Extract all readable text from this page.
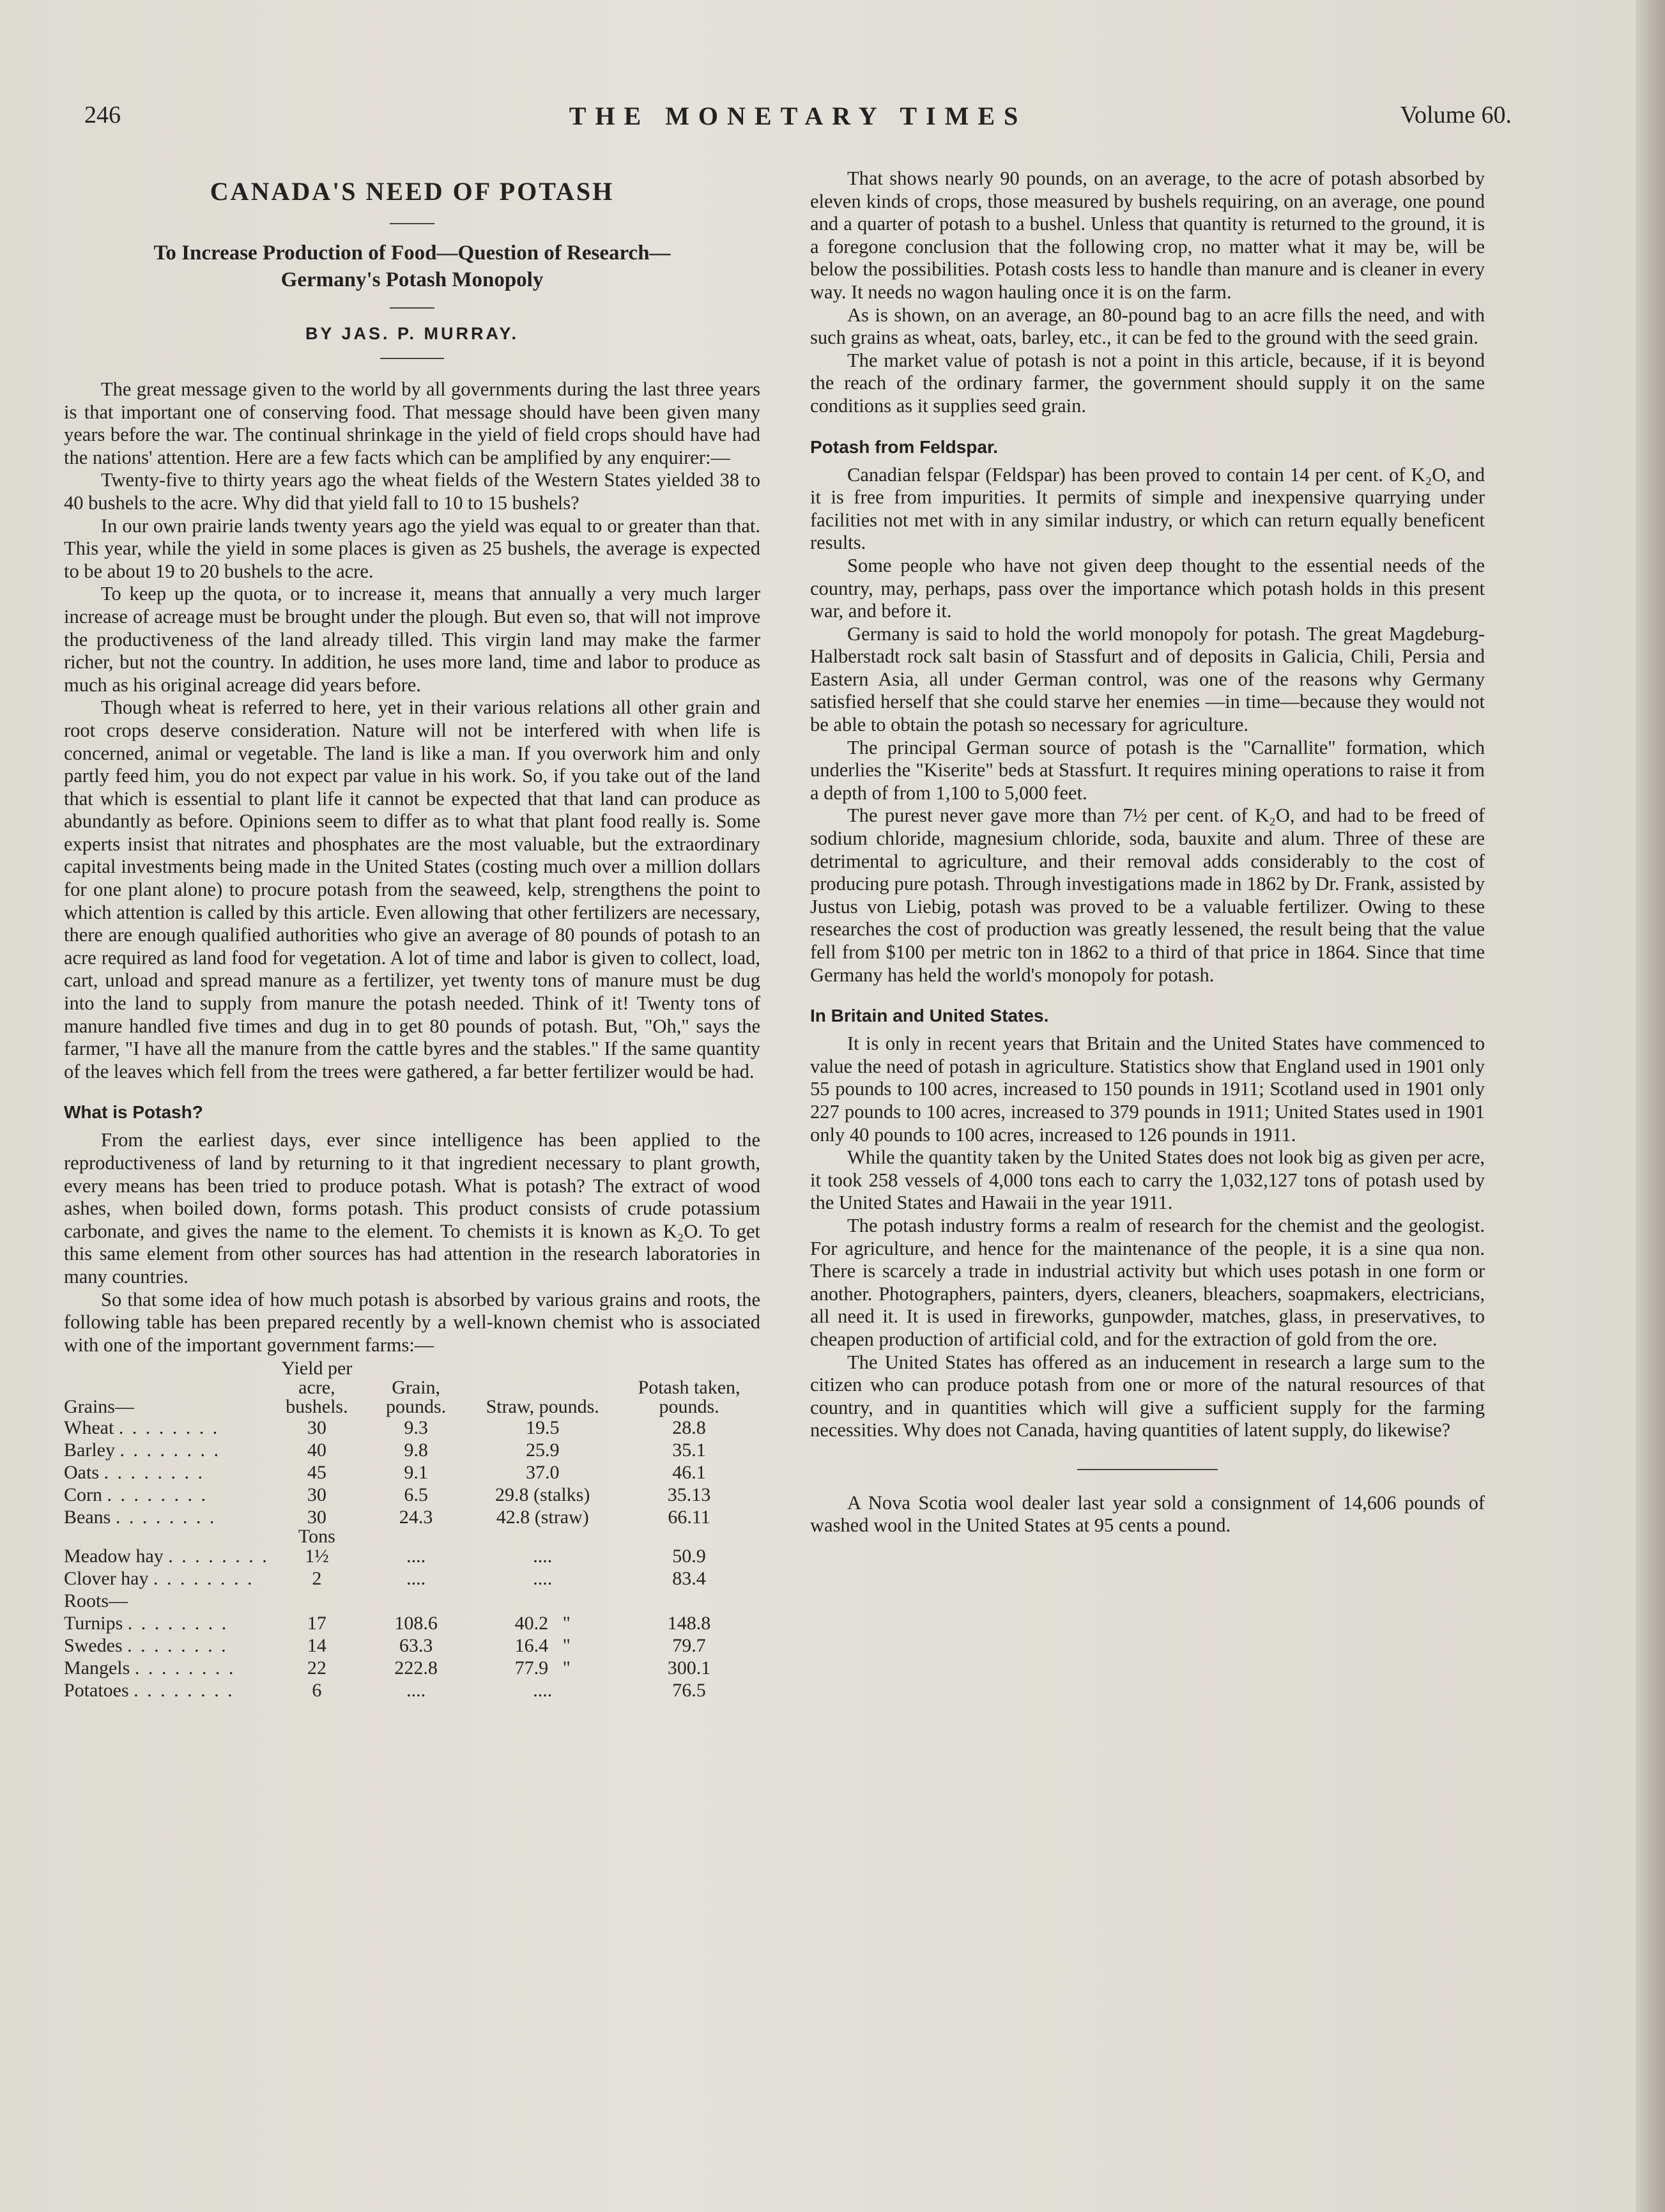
246	THE MONETARY TIMES	Volume 60.
CANADA'S NEED OF POTASH
To Increase Production of Food—Question of Research—
Germany's Potash Monopoly
BY JAS. P. MURRAY.

The great message given to the world by all governments during the last three years is that important one of conserving food. That message should have been given many years before the war. The continual shrinkage in the yield of field crops should have had the nations' attention. Here are a few facts which can be amplified by any enquirer:—

Twenty-five to thirty years ago the wheat fields of the Western States yielded 38 to 40 bushels to the acre. Why did that yield fall to 10 to 15 bushels?

In our own prairie lands twenty years ago the yield was equal to or greater than that. This year, while the yield in some places is given as 25 bushels, the average is expected to be about 19 to 20 bushels to the acre.

To keep up the quota, or to increase it, means that annually a very much larger increase of acreage must be brought under the plough. But even so, that will not improve the productiveness of the land already tilled. This virgin land may make the farmer richer, but not the country. In addition, he uses more land, time and labor to produce as much as his original acreage did years before.

Though wheat is referred to here, yet in their various relations all other grain and root crops deserve consideration. Nature will not be interfered with when life is concerned, animal or vegetable. The land is like a man. If you overwork him and only partly feed him, you do not expect par value in his work. So, if you take out of the land that which is essential to plant life it cannot be expected that that land can produce as abundantly as before. Opinions seem to differ as to what that plant food really is. Some experts insist that nitrates and phosphates are the most valuable, but the extraordinary capital investments being made in the United States (costing much over a million dollars for one plant alone) to procure potash from the seaweed, kelp, strengthens the point to which attention is called by this article. Even allowing that other fertilizers are necessary, there are enough qualified authorities who give an average of 80 pounds of potash to an acre required as land food for vegetation. A lot of time and labor is given to collect, load, cart, unload and spread manure as a fertilizer, yet twenty tons of manure must be dug into the land to supply from manure the potash needed. Think of it! Twenty tons of manure handled five times and dug in to get 80 pounds of potash. But, "Oh," says the farmer, "I have all the manure from the cattle byres and the stables." If the same quantity of the leaves which fell from the trees were gathered, a far better fertilizer would be had.

What is Potash?

From the earliest days, ever since intelligence has been applied to the reproductiveness of land by returning to it that ingredient necessary to plant growth, every means has been tried to produce potash. What is potash? The extract of wood ashes, when boiled down, forms potash. This product consists of crude potassium carbonate, and gives the name to the element. To chemists it is known as K₂O. To get this same element from other sources has had attention in the research laboratories in many countries.

So that some idea of how much potash is absorbed by various grains and roots, the following table has been prepared recently by a well-known chemist who is associated with one of the important government farms:—

Grains—	Yield per acre, bushels.	Grain, pounds.	Straw, pounds.	Potash taken, pounds.
Wheat . . . . . . . .	30	9.3	19.5	28.8
Barley . . . . . . . .	40	9.8	25.9	35.1
Oats . . . . . . . .	45	9.1	37.0	46.1
Corn . . . . . . . .	30	6.5	29.8 (stalks)	35.13
Beans . . . . . . . .	30	24.3	42.8 (straw)	66.11
	Tons			
Meadow hay . . . . . . . .	1½	....	....	50.9
Clover hay . . . . . . . .	2	....	....	83.4
Roots—				
Turnips . . . . . . . .	17	108.6	40.2 "	148.8
Swedes . . . . . . . .	14	63.3	16.4 "	79.7
Mangels . . . . . . . .	22	222.8	77.9 "	300.1
Potatoes . . . . . . . .	6	....	....	76.5

That shows nearly 90 pounds, on an average, to the acre of potash absorbed by eleven kinds of crops, those measured by bushels requiring, on an average, one pound and a quarter of potash to a bushel. Unless that quantity is returned to the ground, it is a foregone conclusion that the following crop, no matter what it may be, will be below the possibilities. Potash costs less to handle than manure and is cleaner in every way. It needs no wagon hauling once it is on the farm.

As is shown, on an average, an 80-pound bag to an acre fills the need, and with such grains as wheat, oats, barley, etc., it can be fed to the ground with the seed grain.

The market value of potash is not a point in this article, because, if it is beyond the reach of the ordinary farmer, the government should supply it on the same conditions as it supplies seed grain.

Potash from Feldspar.

Canadian felspar (Feldspar) has been proved to contain 14 per cent. of K₂O, and it is free from impurities. It permits of simple and inexpensive quarrying under facilities not met with in any similar industry, or which can return equally beneficent results.

Some people who have not given deep thought to the essential needs of the country, may, perhaps, pass over the importance which potash holds in this present war, and before it.

Germany is said to hold the world monopoly for potash. The great Magdeburg-Halberstadt rock salt basin of Stassfurt and of deposits in Galicia, Chili, Persia and Eastern Asia, all under German control, was one of the reasons why Germany satisfied herself that she could starve her enemies —in time—because they would not be able to obtain the potash so necessary for agriculture.

The principal German source of potash is the "Carnallite" formation, which underlies the "Kiserite" beds at Stassfurt. It requires mining operations to raise it from a depth of from 1,100 to 5,000 feet.

The purest never gave more than 7½ per cent. of K₂O, and had to be freed of sodium chloride, magnesium chloride, soda, bauxite and alum. Three of these are detrimental to agriculture, and their removal adds considerably to the cost of producing pure potash. Through investigations made in 1862 by Dr. Frank, assisted by Justus von Liebig, potash was proved to be a valuable fertilizer. Owing to these researches the cost of production was greatly lessened, the result being that the value fell from $100 per metric ton in 1862 to a third of that price in 1864. Since that time Germany has held the world's monopoly for potash.

In Britain and United States.

It is only in recent years that Britain and the United States have commenced to value the need of potash in agriculture. Statistics show that England used in 1901 only 55 pounds to 100 acres, increased to 150 pounds in 1911; Scotland used in 1901 only 227 pounds to 100 acres, increased to 379 pounds in 1911; United States used in 1901 only 40 pounds to 100 acres, increased to 126 pounds in 1911.

While the quantity taken by the United States does not look big as given per acre, it took 258 vessels of 4,000 tons each to carry the 1,032,127 tons of potash used by the United States and Hawaii in the year 1911.

The potash industry forms a realm of research for the chemist and the geologist. For agriculture, and hence for the maintenance of the people, it is a sine qua non. There is scarcely a trade in industrial activity but which uses potash in one form or another. Photographers, painters, dyers, cleaners, bleachers, soapmakers, electricians, all need it. It is used in fireworks, gunpowder, matches, glass, in preservatives, to cheapen production of artificial cold, and for the extraction of gold from the ore.

The United States has offered as an inducement in research a large sum to the citizen who can produce potash from one or more of the natural resources of that country, and in quantities which will give a sufficient supply for the farming necessities. Why does not Canada, having quantities of latent supply, do likewise?

A Nova Scotia wool dealer last year sold a consignment of 14,606 pounds of washed wool in the United States at 95 cents a pound.
